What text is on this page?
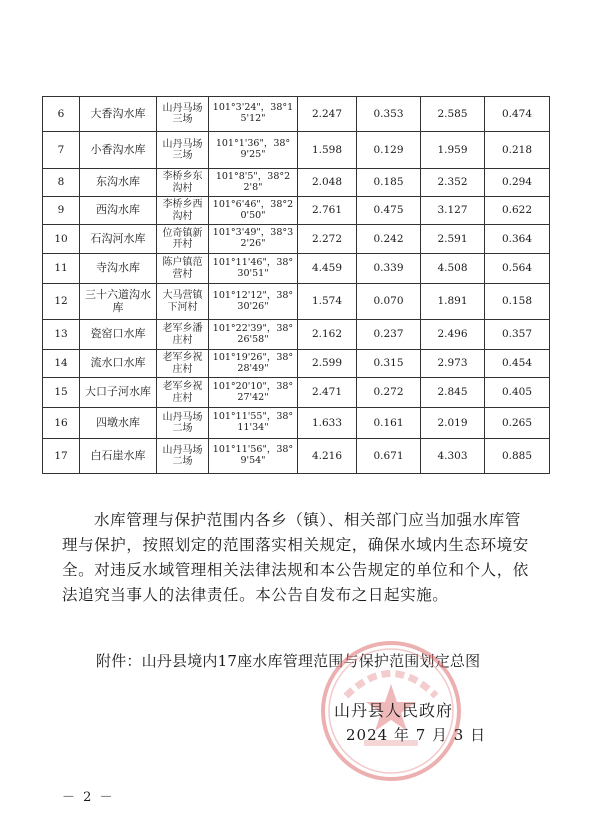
6	大香沟水库	山丹马场三场	101°3'24"，38°15'12"	2.247	0.353	2.585	0.474
7	小香沟水库	山丹马场三场	101°1'36"，38°9'25"	1.598	0.129	1.959	0.218
8	东沟水库	李桥乡东沟村	101°8'5"，38°22'8"	2.048	0.185	2.352	0.294
9	西沟水库	李桥乡西沟村	101°6'46"，38°20'50"	2.761	0.475	3.127	0.622
10	石沟河水库	位奇镇新开村	101°3'49"，38°32'26"	2.272	0.242	2.591	0.364
11	寺沟水库	陈户镇范营村	101°11'46"，38°30'51"	4.459	0.339	4.508	0.564
12	三十六道沟水库	大马营镇下河村	101°12'12"，38°30'26"	1.574	0.070	1.891	0.158
13	瓷窑口水库	老军乡潘庄村	101°22'39"，38°26'58"	2.162	0.237	2.496	0.357
14	流水口水库	老军乡祝庄村	101°19'26"，38°28'49"	2.599	0.315	2.973	0.454
15	大口子河水库	老军乡祝庄村	101°20'10"，38°27'42"	2.471	0.272	2.845	0.405
16	四墩水库	山丹马场二场	101°11'55"，38°11'34"	1.633	0.161	2.019	0.265
17	白石崖水库	山丹马场二场	101°11'56"，38°9'54"	4.216	0.671	4.303	0.885

水库管理与保护范围内各乡（镇）、相关部门应当加强水库管理与保护，按照划定的范围落实相关规定，确保水域内生态环境安全。对违反水域管理相关法律法规和本公告规定的单位和个人，依法追究当事人的法律责任。本公告自发布之日起实施。

附件：山丹县境内17座水库管理范围与保护范围划定总图
山丹县人民政府
2024 年 7 月 3 日
－ 2 －
